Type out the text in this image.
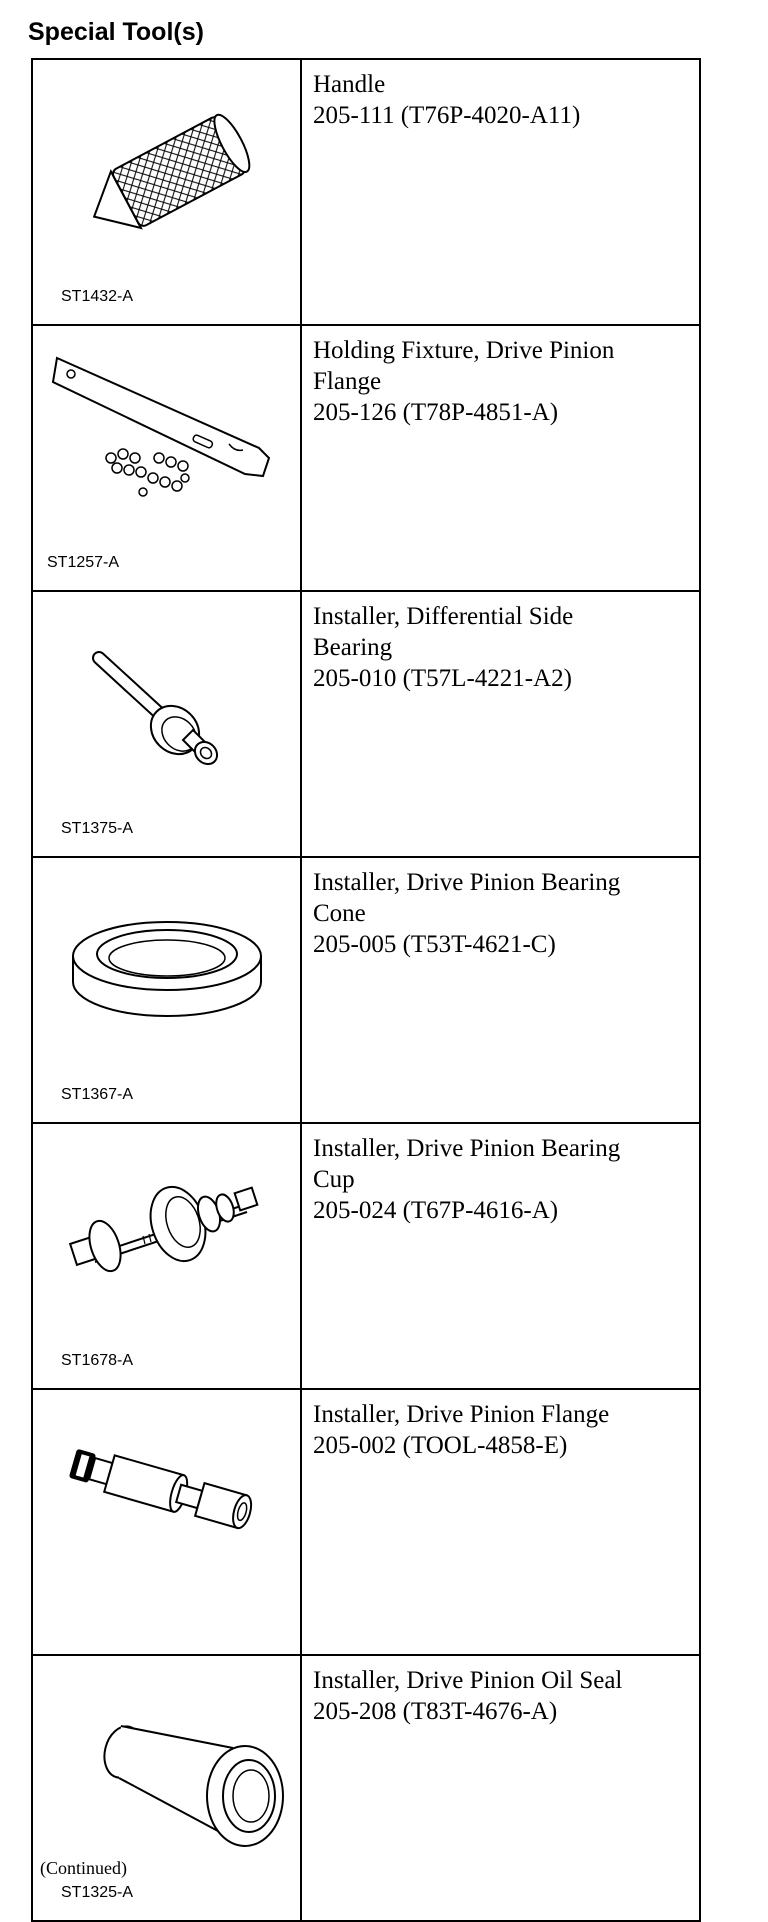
Special Tool(s)
ST1432-A	Handle
205-111 (T76P-4020-A11)

ST1257-A	Holding Fixture, Drive Pinion
Flange
205-126 (T78P-4851-A)

ST1375-A	Installer, Differential Side
Bearing
205-010 (T57L-4221-A2)

ST1367-A	Installer, Drive Pinion Bearing
Cone
205-005 (T53T-4621-C)

ST1678-A	Installer, Drive Pinion Bearing
Cup
205-024 (T67P-4616-A)

Installer, Drive Pinion Flange
205-002 (TOOL-4858-E)

ST1325-A	Installer, Drive Pinion Oil Seal
205-208 (T83T-4676-A)
(Continued)
